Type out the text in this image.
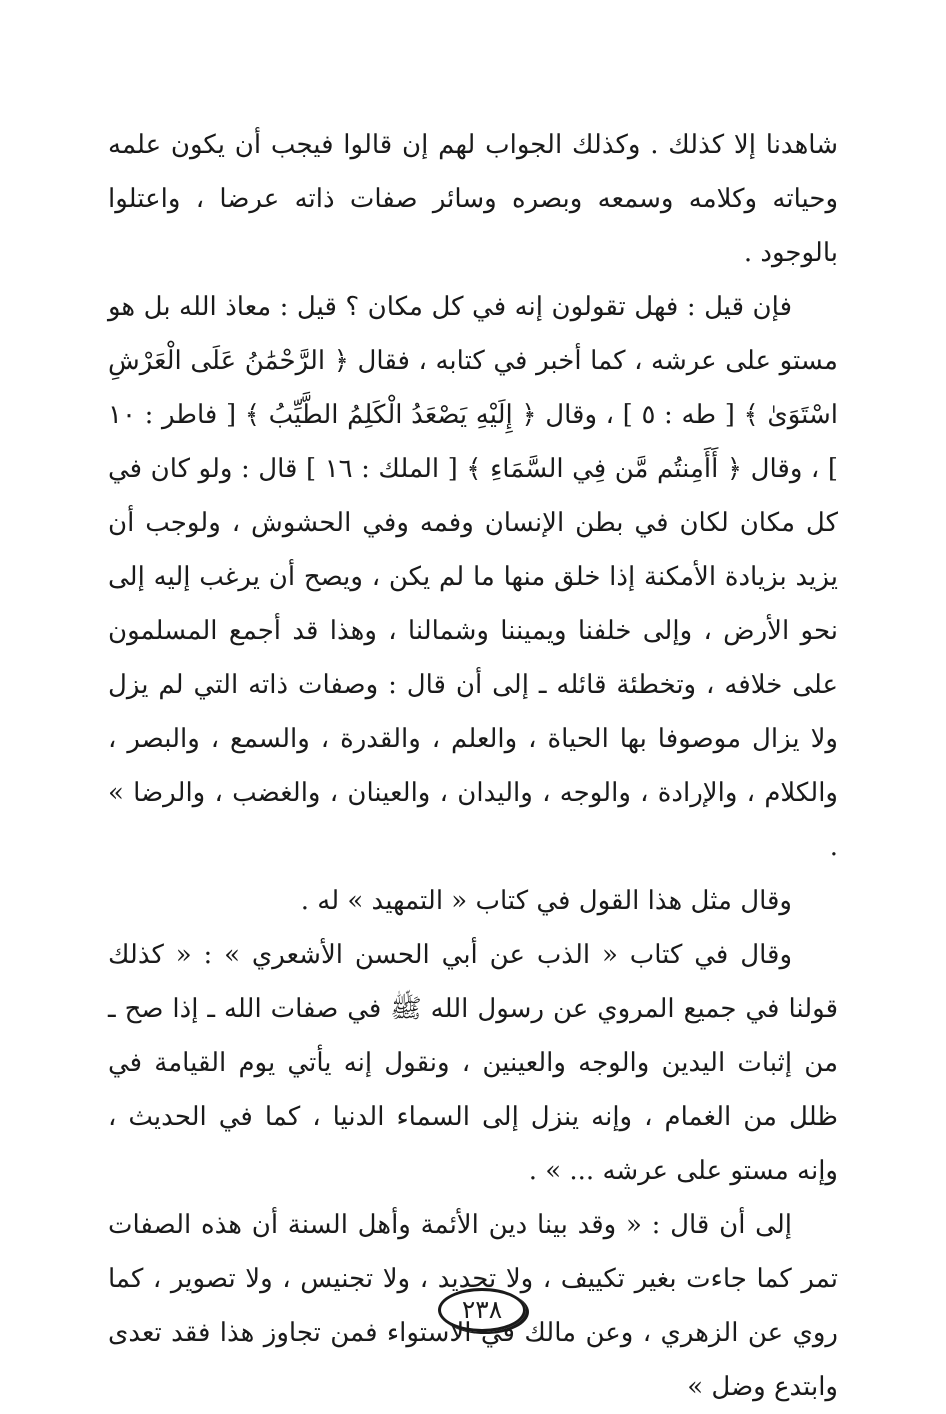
شاهدنا إلا كذلك . وكذلك الجواب لهم إن قالوا فيجب أن يكون علمه وحياته وكلامه وسمعه وبصره وسائر صفات ذاته عرضا ، واعتلوا بالوجود .

فإن قيل : فهل تقولون إنه في كل مكان ؟ قيل : معاذ الله بل هو مستو على عرشه ، كما أخبر في كتابه ، فقال ﴿ الرَّحْمَٰنُ عَلَى الْعَرْشِ اسْتَوَىٰ ﴾ [ طه : ٥ ] ، وقال ﴿ إِلَيْهِ يَصْعَدُ الْكَلِمُ الطَّيِّبُ ﴾ [ فاطر : ١٠ ] ، وقال ﴿ أَأَمِنتُم مَّن فِي السَّمَاءِ ﴾ [ الملك : ١٦ ] قال : ولو كان في كل مكان لكان في بطن الإنسان وفمه وفي الحشوش ، ولوجب أن يزيد بزيادة الأمكنة إذا خلق منها ما لم يكن ، ويصح أن يرغب إليه إلى نحو الأرض ، وإلى خلفنا ويميننا وشمالنا ، وهذا قد أجمع المسلمون على خلافه ، وتخطئة قائله ـ إلى أن قال : وصفات ذاته التي لم يزل ولا يزال موصوفا بها الحياة ، والعلم ، والقدرة ، والسمع ، والبصر ، والكلام ، والإرادة ، والوجه ، واليدان ، والعينان ، والغضب ، والرضا » .

وقال مثل هذا القول في كتاب « التمهيد » له .

وقال في كتاب « الذب عن أبي الحسن الأشعري » : « كذلك قولنا في جميع المروي عن رسول الله ﷺ في صفات الله ـ إذا صح ـ من إثبات اليدين والوجه والعينين ، ونقول إنه يأتي يوم القيامة في ظلل من الغمام ، وإنه ينزل إلى السماء الدنيا ، كما في الحديث ، وإنه مستو على عرشه ... » .

إلى أن قال : « وقد بينا دين الأئمة وأهل السنة أن هذه الصفات تمر كما جاءت بغير تكييف ، ولا تحديد ، ولا تجنيس ، ولا تصوير ، كما روي عن الزهري ، وعن مالك في الاستواء فمن تجاوز هذا فقد تعدى وابتدع وضل »

٢٣٨
